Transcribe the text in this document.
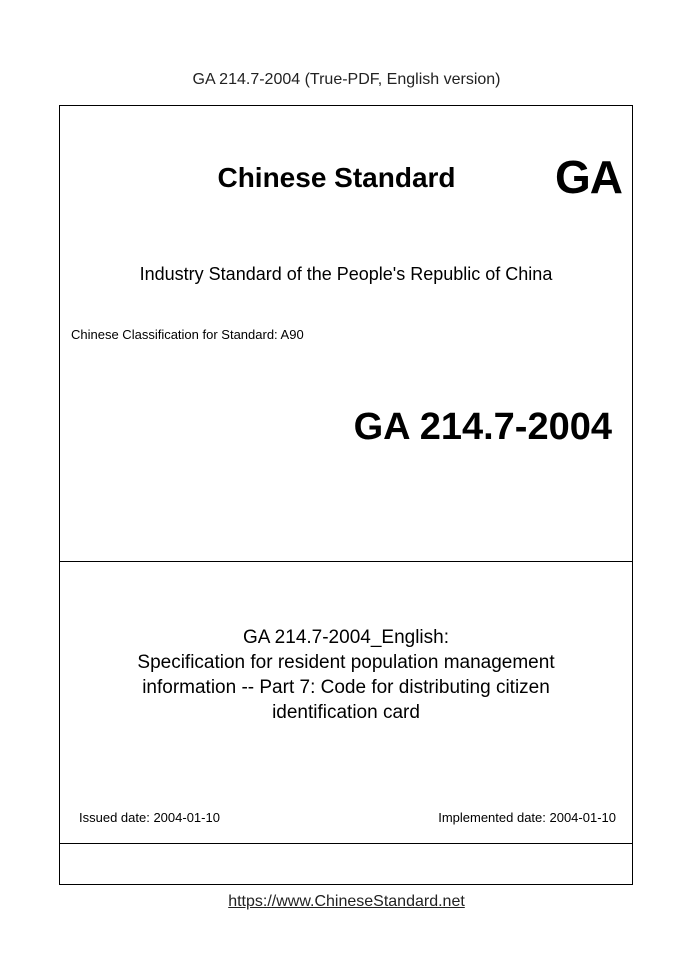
GA 214.7-2004 (True-PDF, English version)
Chinese Standard	GA
Industry Standard of the People's Republic of China
Chinese Classification for Standard: A90
GA 214.7-2004
GA 214.7-2004_English:
Specification for resident population management
information -- Part 7: Code for distributing citizen
identification card
Issued date: 2004-01-10	Implemented date: 2004-01-10
https://www.ChineseStandard.net
